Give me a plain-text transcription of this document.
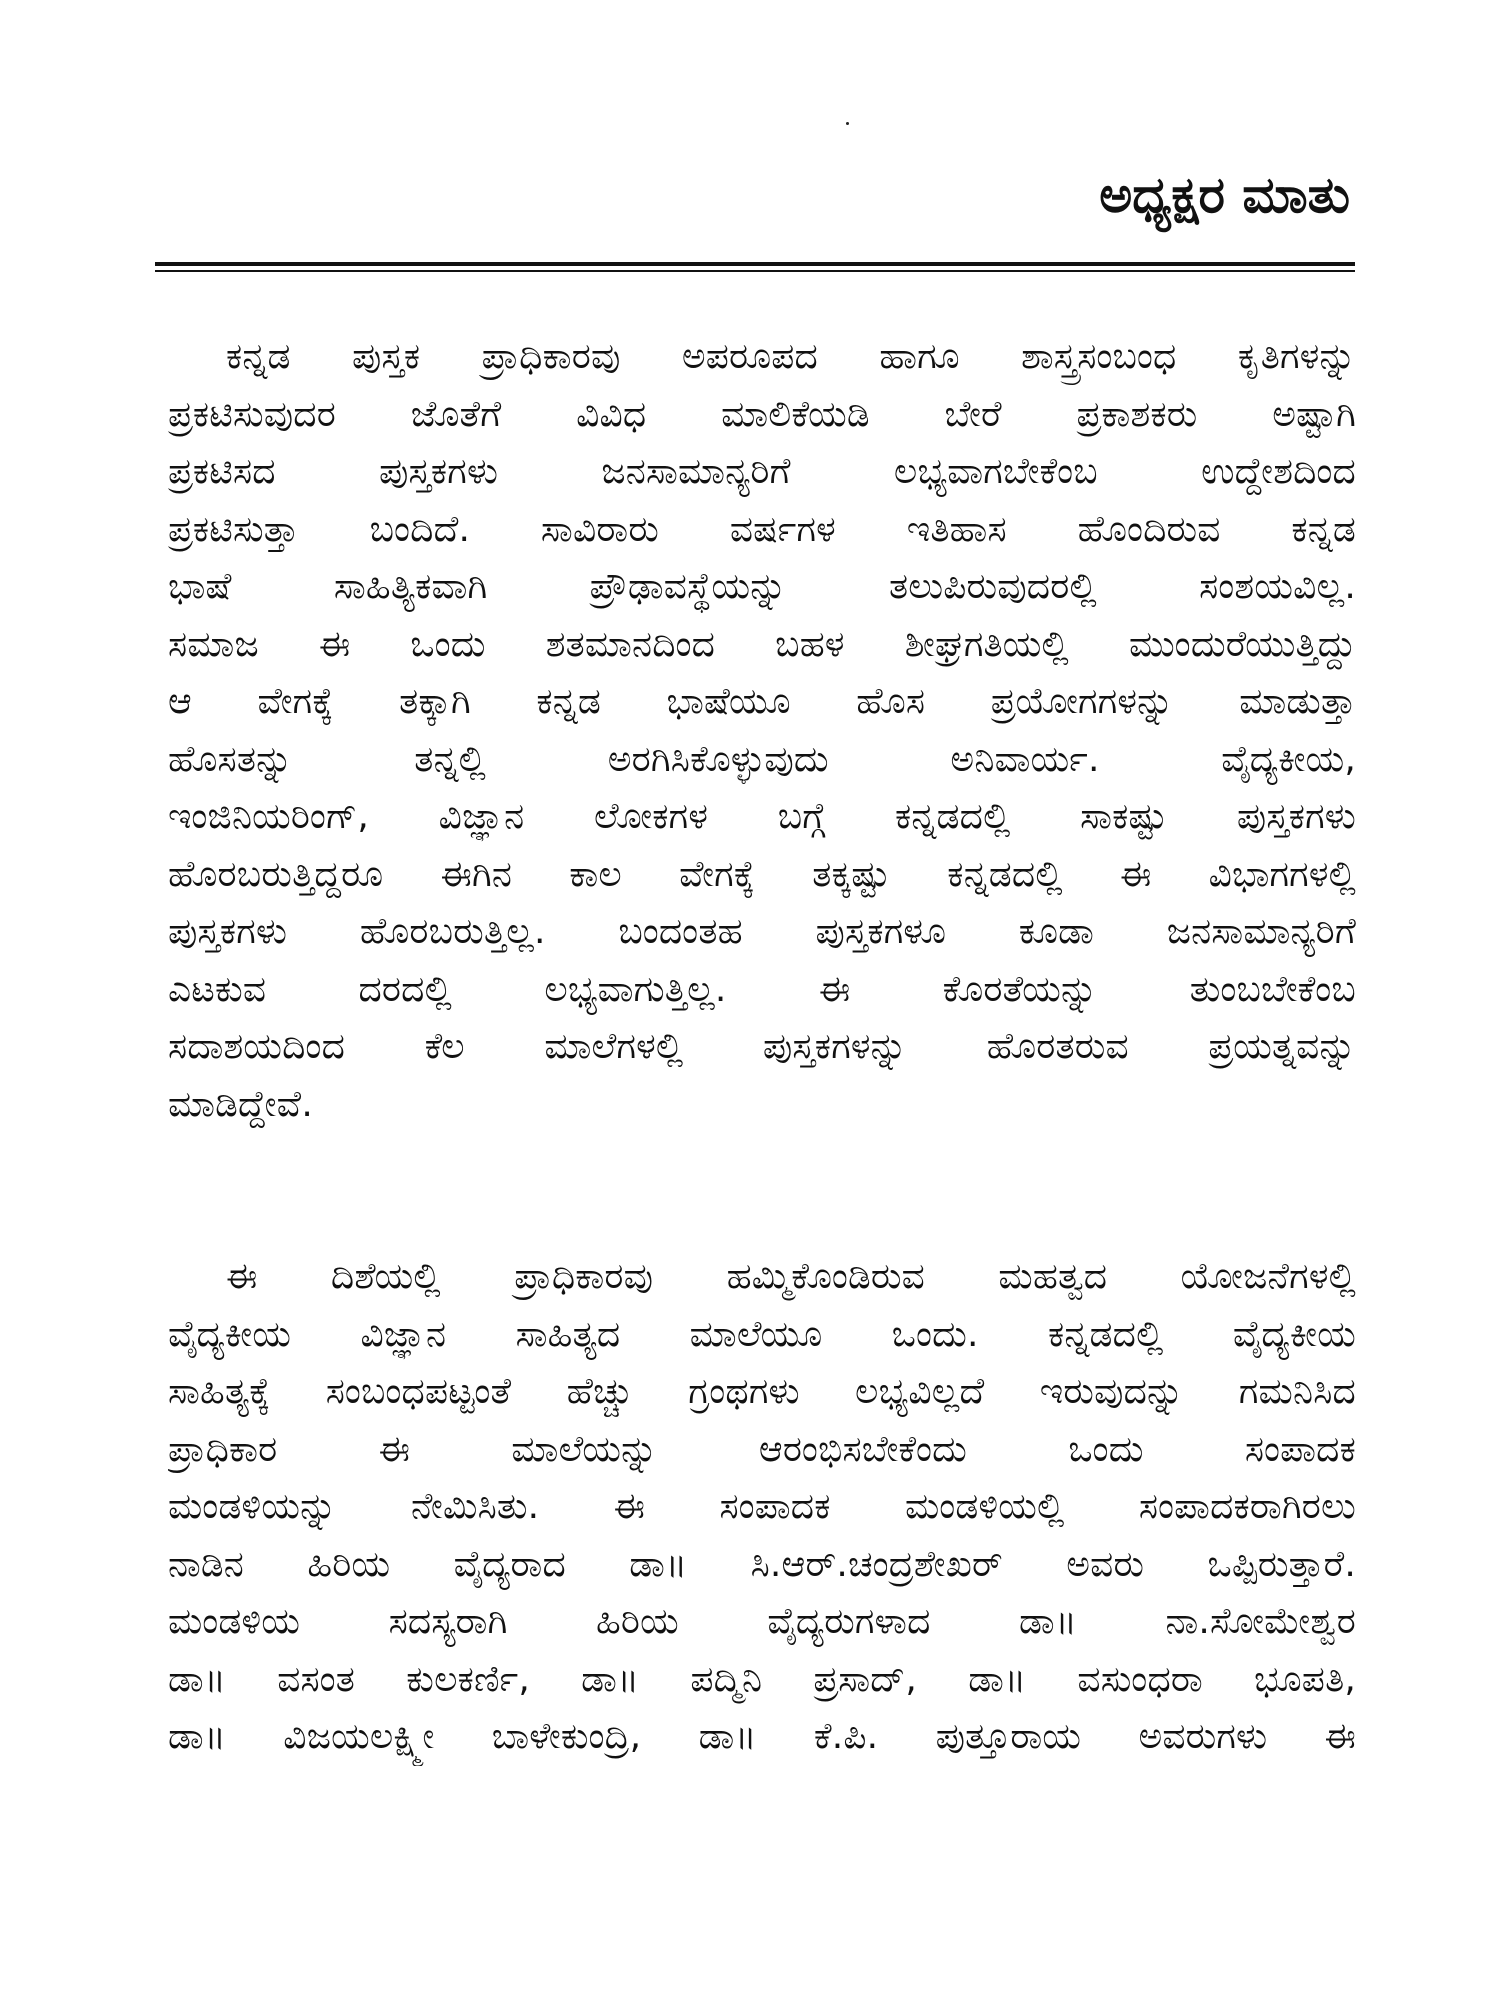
ಅಧ್ಯಕ್ಷರ ಮಾತು
ಕನ್ನಡ ಪುಸ್ತಕ ಪ್ರಾಧಿಕಾರವು ಅಪರೂಪದ ಹಾಗೂ ಶಾಸ್ತ್ರಸಂಬಂಧ ಕೃತಿಗಳನ್ನು
ಪ್ರಕಟಿಸುವುದರ ಜೊತೆಗೆ ವಿವಿಧ ಮಾಲಿಕೆಯಡಿ ಬೇರೆ ಪ್ರಕಾಶಕರು ಅಷ್ಟಾಗಿ
ಪ್ರಕಟಿಸದ ಪುಸ್ತಕಗಳು ಜನಸಾಮಾನ್ಯರಿಗೆ ಲಭ್ಯವಾಗಬೇಕೆಂಬ ಉದ್ದೇಶದಿಂದ
ಪ್ರಕಟಿಸುತ್ತಾ ಬಂದಿದೆ. ಸಾವಿರಾರು ವರ್ಷಗಳ ಇತಿಹಾಸ ಹೊಂದಿರುವ ಕನ್ನಡ
ಭಾಷೆ ಸಾಹಿತ್ಯಿಕವಾಗಿ ಪ್ರೌಢಾವಸ್ಥೆಯನ್ನು ತಲುಪಿರುವುದರಲ್ಲಿ ಸಂಶಯವಿಲ್ಲ.
ಸಮಾಜ ಈ ಒಂದು ಶತಮಾನದಿಂದ ಬಹಳ ಶೀಘ್ರಗತಿಯಲ್ಲಿ ಮುಂದುರೆಯುತ್ತಿದ್ದು
ಆ ವೇಗಕ್ಕೆ ತಕ್ಕಾಗಿ ಕನ್ನಡ ಭಾಷೆಯೂ ಹೊಸ ಪ್ರಯೋಗಗಳನ್ನು ಮಾಡುತ್ತಾ
ಹೊಸತನ್ನು ತನ್ನಲ್ಲಿ ಅರಗಿಸಿಕೊಳ್ಳುವುದು ಅನಿವಾರ್ಯ. ವೈದ್ಯಕೀಯ,
ಇಂಜಿನಿಯರಿಂಗ್, ವಿಜ್ಞಾನ ಲೋಕಗಳ ಬಗ್ಗೆ ಕನ್ನಡದಲ್ಲಿ ಸಾಕಷ್ಟು ಪುಸ್ತಕಗಳು
ಹೊರಬರುತ್ತಿದ್ದರೂ ಈಗಿನ ಕಾಲ ವೇಗಕ್ಕೆ ತಕ್ಕಷ್ಟು ಕನ್ನಡದಲ್ಲಿ ಈ ವಿಭಾಗಗಳಲ್ಲಿ
ಪುಸ್ತಕಗಳು ಹೊರಬರುತ್ತಿಲ್ಲ. ಬಂದಂತಹ ಪುಸ್ತಕಗಳೂ ಕೂಡಾ ಜನಸಾಮಾನ್ಯರಿಗೆ
ಎಟಕುವ ದರದಲ್ಲಿ ಲಭ್ಯವಾಗುತ್ತಿಲ್ಲ. ಈ ಕೊರತೆಯನ್ನು ತುಂಬಬೇಕೆಂಬ
ಸದಾಶಯದಿಂದ ಕೆಲ ಮಾಲೆಗಳಲ್ಲಿ ಪುಸ್ತಕಗಳನ್ನು ಹೊರತರುವ ಪ್ರಯತ್ನವನ್ನು
ಮಾಡಿದ್ದೇವೆ.
ಈ ದಿಶೆಯಲ್ಲಿ ಪ್ರಾಧಿಕಾರವು ಹಮ್ಮಿಕೊಂಡಿರುವ ಮಹತ್ವದ ಯೋಜನೆಗಳಲ್ಲಿ
ವೈದ್ಯಕೀಯ ವಿಜ್ಞಾನ ಸಾಹಿತ್ಯದ ಮಾಲೆಯೂ ಒಂದು. ಕನ್ನಡದಲ್ಲಿ ವೈದ್ಯಕೀಯ
ಸಾಹಿತ್ಯಕ್ಕೆ ಸಂಬಂಧಪಟ್ಟಂತೆ ಹೆಚ್ಚು ಗ್ರಂಥಗಳು ಲಭ್ಯವಿಲ್ಲದೆ ಇರುವುದನ್ನು ಗಮನಿಸಿದ
ಪ್ರಾಧಿಕಾರ ಈ ಮಾಲೆಯನ್ನು ಆರಂಭಿಸಬೇಕೆಂದು ಒಂದು ಸಂಪಾದಕ
ಮಂಡಳಿಯನ್ನು ನೇಮಿಸಿತು. ಈ ಸಂಪಾದಕ ಮಂಡಳಿಯಲ್ಲಿ ಸಂಪಾದಕರಾಗಿರಲು
ನಾಡಿನ ಹಿರಿಯ ವೈದ್ಯರಾದ ಡಾ॥ ಸಿ.ಆರ್.ಚಂದ್ರಶೇಖರ್ ಅವರು ಒಪ್ಪಿರುತ್ತಾರೆ.
ಮಂಡಳಿಯ ಸದಸ್ಯರಾಗಿ ಹಿರಿಯ ವೈದ್ಯರುಗಳಾದ ಡಾ॥ ನಾ.ಸೋಮೇಶ್ವರ
ಡಾ॥ ವಸಂತ ಕುಲಕರ್ಣಿ, ಡಾ॥ ಪದ್ಮಿನಿ ಪ್ರಸಾದ್, ಡಾ॥ ವಸುಂಧರಾ ಭೂಪತಿ,
ಡಾ॥ ವಿಜಯಲಕ್ಷ್ಮೀ ಬಾಳೇಕುಂದ್ರಿ, ಡಾ॥ ಕೆ.ಪಿ. ಪುತ್ತೂರಾಯ ಅವರುಗಳು ಈ
